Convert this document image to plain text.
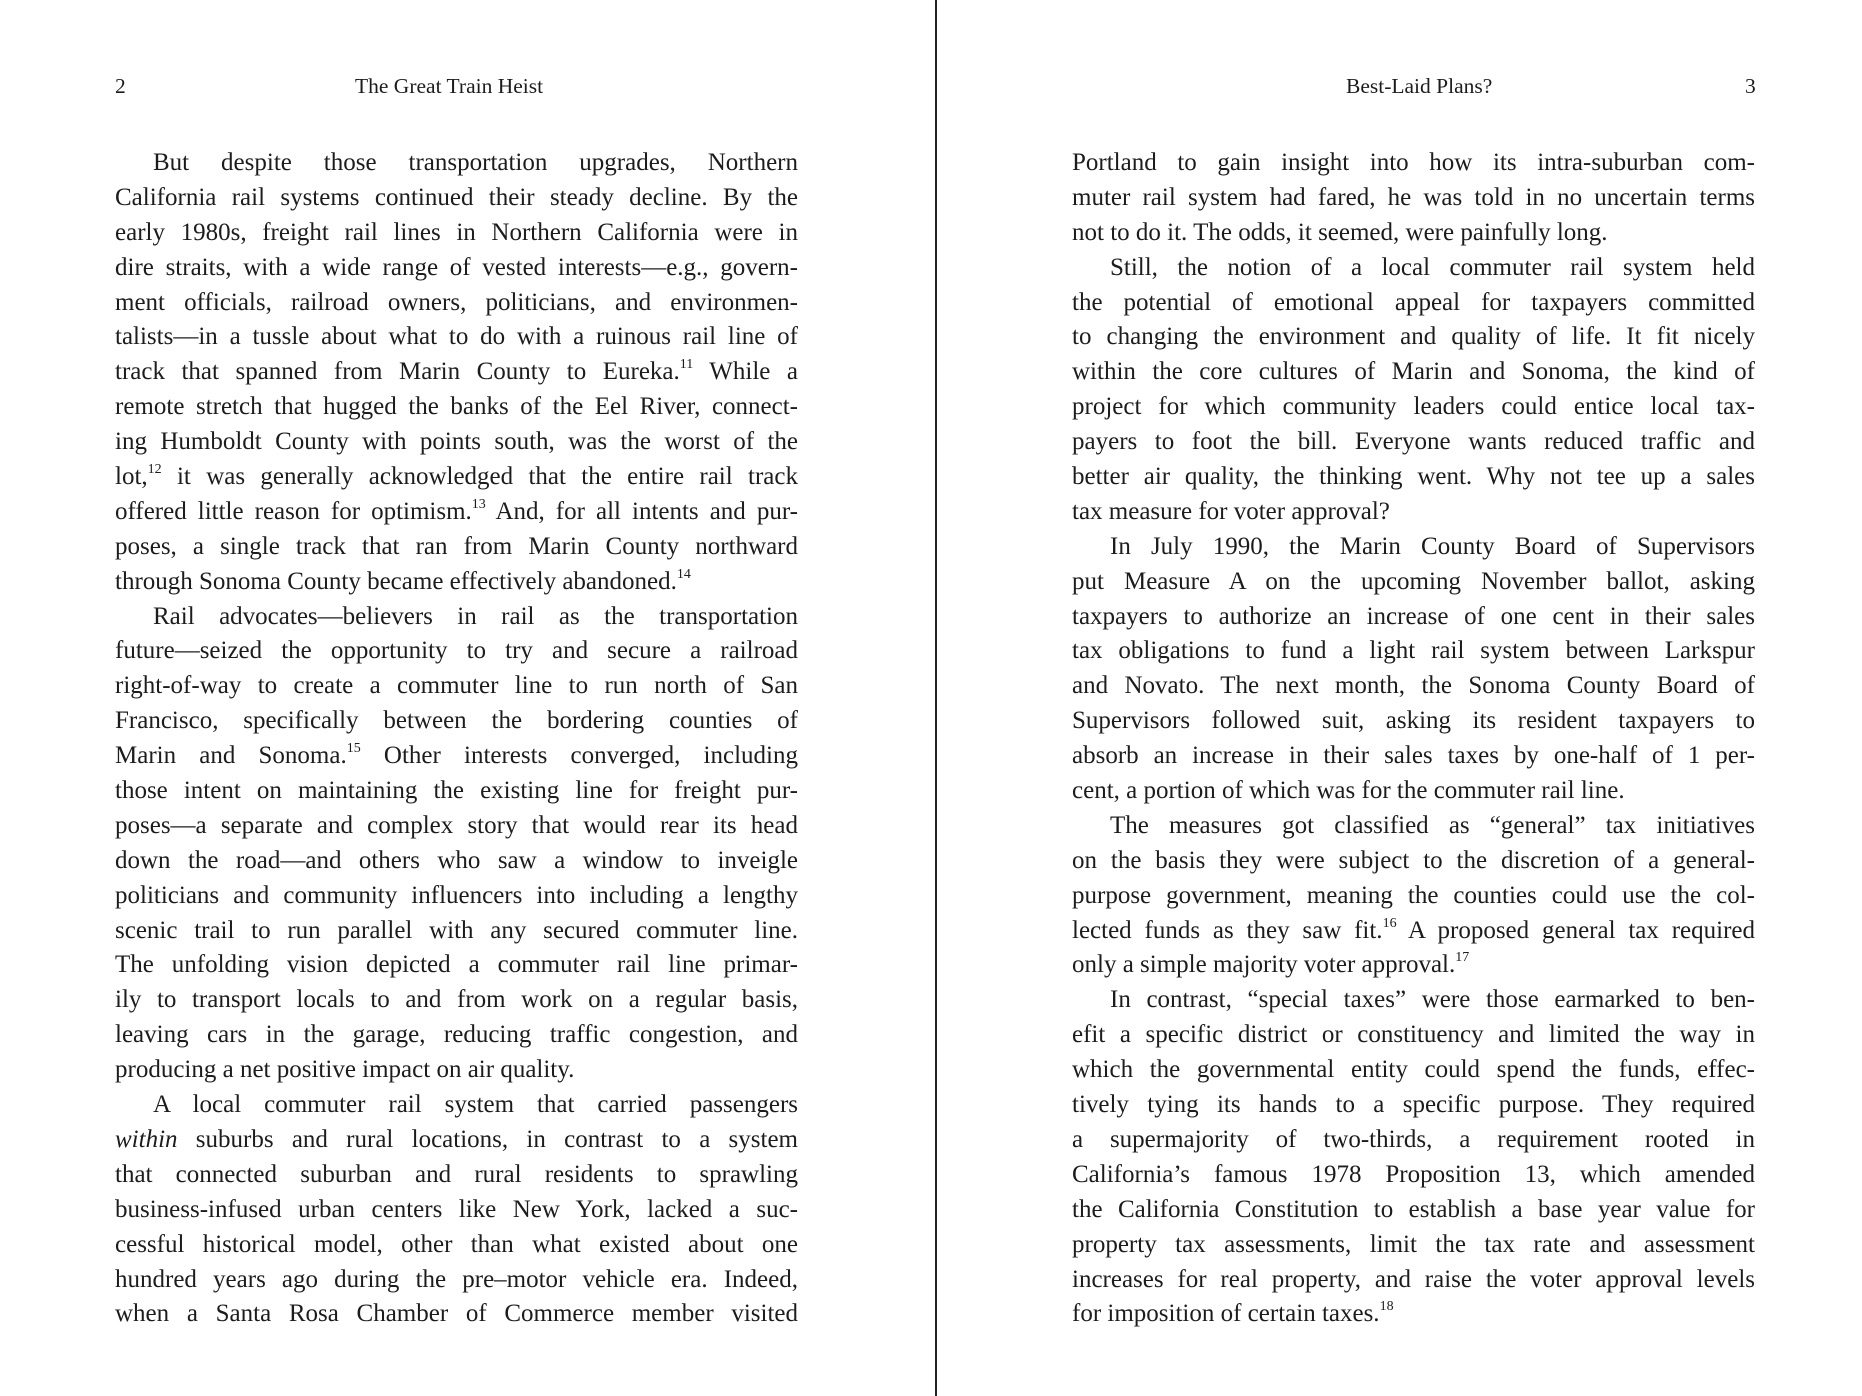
2	The Great Train Heist
But despite those transportation upgrades, Northern
California rail systems continued their steady decline. By the
early 1980s, freight rail lines in Northern California were in
dire straits, with a wide range of vested interests—e.g., govern-
ment officials, railroad owners, politicians, and environmen-
talists—in a tussle about what to do with a ruinous rail line of
track that spanned from Marin County to Eureka.$^{11}$ While a
remote stretch that hugged the banks of the Eel River, connect-
ing Humboldt County with points south, was the worst of the
lot,$^{12}$ it was generally acknowledged that the entire rail track
offered little reason for optimism.$^{13}$ And, for all intents and pur-
poses, a single track that ran from Marin County northward
through Sonoma County became effectively abandoned.$^{14}$
Rail advocates—believers in rail as the transportation
future—seized the opportunity to try and secure a railroad
right-of-way to create a commuter line to run north of San
Francisco, specifically between the bordering counties of
Marin and Sonoma.$^{15}$ Other interests converged, including
those intent on maintaining the existing line for freight pur-
poses—a separate and complex story that would rear its head
down the road—and others who saw a window to inveigle
politicians and community influencers into including a lengthy
scenic trail to run parallel with any secured commuter line.
The unfolding vision depicted a commuter rail line primar-
ily to transport locals to and from work on a regular basis,
leaving cars in the garage, reducing traffic congestion, and
producing a net positive impact on air quality.
A local commuter rail system that carried passengers
within suburbs and rural locations, in contrast to a system
that connected suburban and rural residents to sprawling
business-infused urban centers like New York, lacked a suc-
cessful historical model, other than what existed about one
hundred years ago during the pre–motor vehicle era. Indeed,
when a Santa Rosa Chamber of Commerce member visited
Best-Laid Plans?	3
Portland to gain insight into how its intra-suburban com-
muter rail system had fared, he was told in no uncertain terms
not to do it. The odds, it seemed, were painfully long.
Still, the notion of a local commuter rail system held
the potential of emotional appeal for taxpayers committed
to changing the environment and quality of life. It fit nicely
within the core cultures of Marin and Sonoma, the kind of
project for which community leaders could entice local tax-
payers to foot the bill. Everyone wants reduced traffic and
better air quality, the thinking went. Why not tee up a sales
tax measure for voter approval?
In July 1990, the Marin County Board of Supervisors
put Measure A on the upcoming November ballot, asking
taxpayers to authorize an increase of one cent in their sales
tax obligations to fund a light rail system between Larkspur
and Novato. The next month, the Sonoma County Board of
Supervisors followed suit, asking its resident taxpayers to
absorb an increase in their sales taxes by one-half of 1 per-
cent, a portion of which was for the commuter rail line.
The measures got classified as “general” tax initiatives
on the basis they were subject to the discretion of a general-
purpose government, meaning the counties could use the col-
lected funds as they saw fit.$^{16}$ A proposed general tax required
only a simple majority voter approval.$^{17}$
In contrast, “special taxes” were those earmarked to ben-
efit a specific district or constituency and limited the way in
which the governmental entity could spend the funds, effec-
tively tying its hands to a specific purpose. They required
a supermajority of two-thirds, a requirement rooted in
California’s famous 1978 Proposition 13, which amended
the California Constitution to establish a base year value for
property tax assessments, limit the tax rate and assessment
increases for real property, and raise the voter approval levels
for imposition of certain taxes.$^{18}$
